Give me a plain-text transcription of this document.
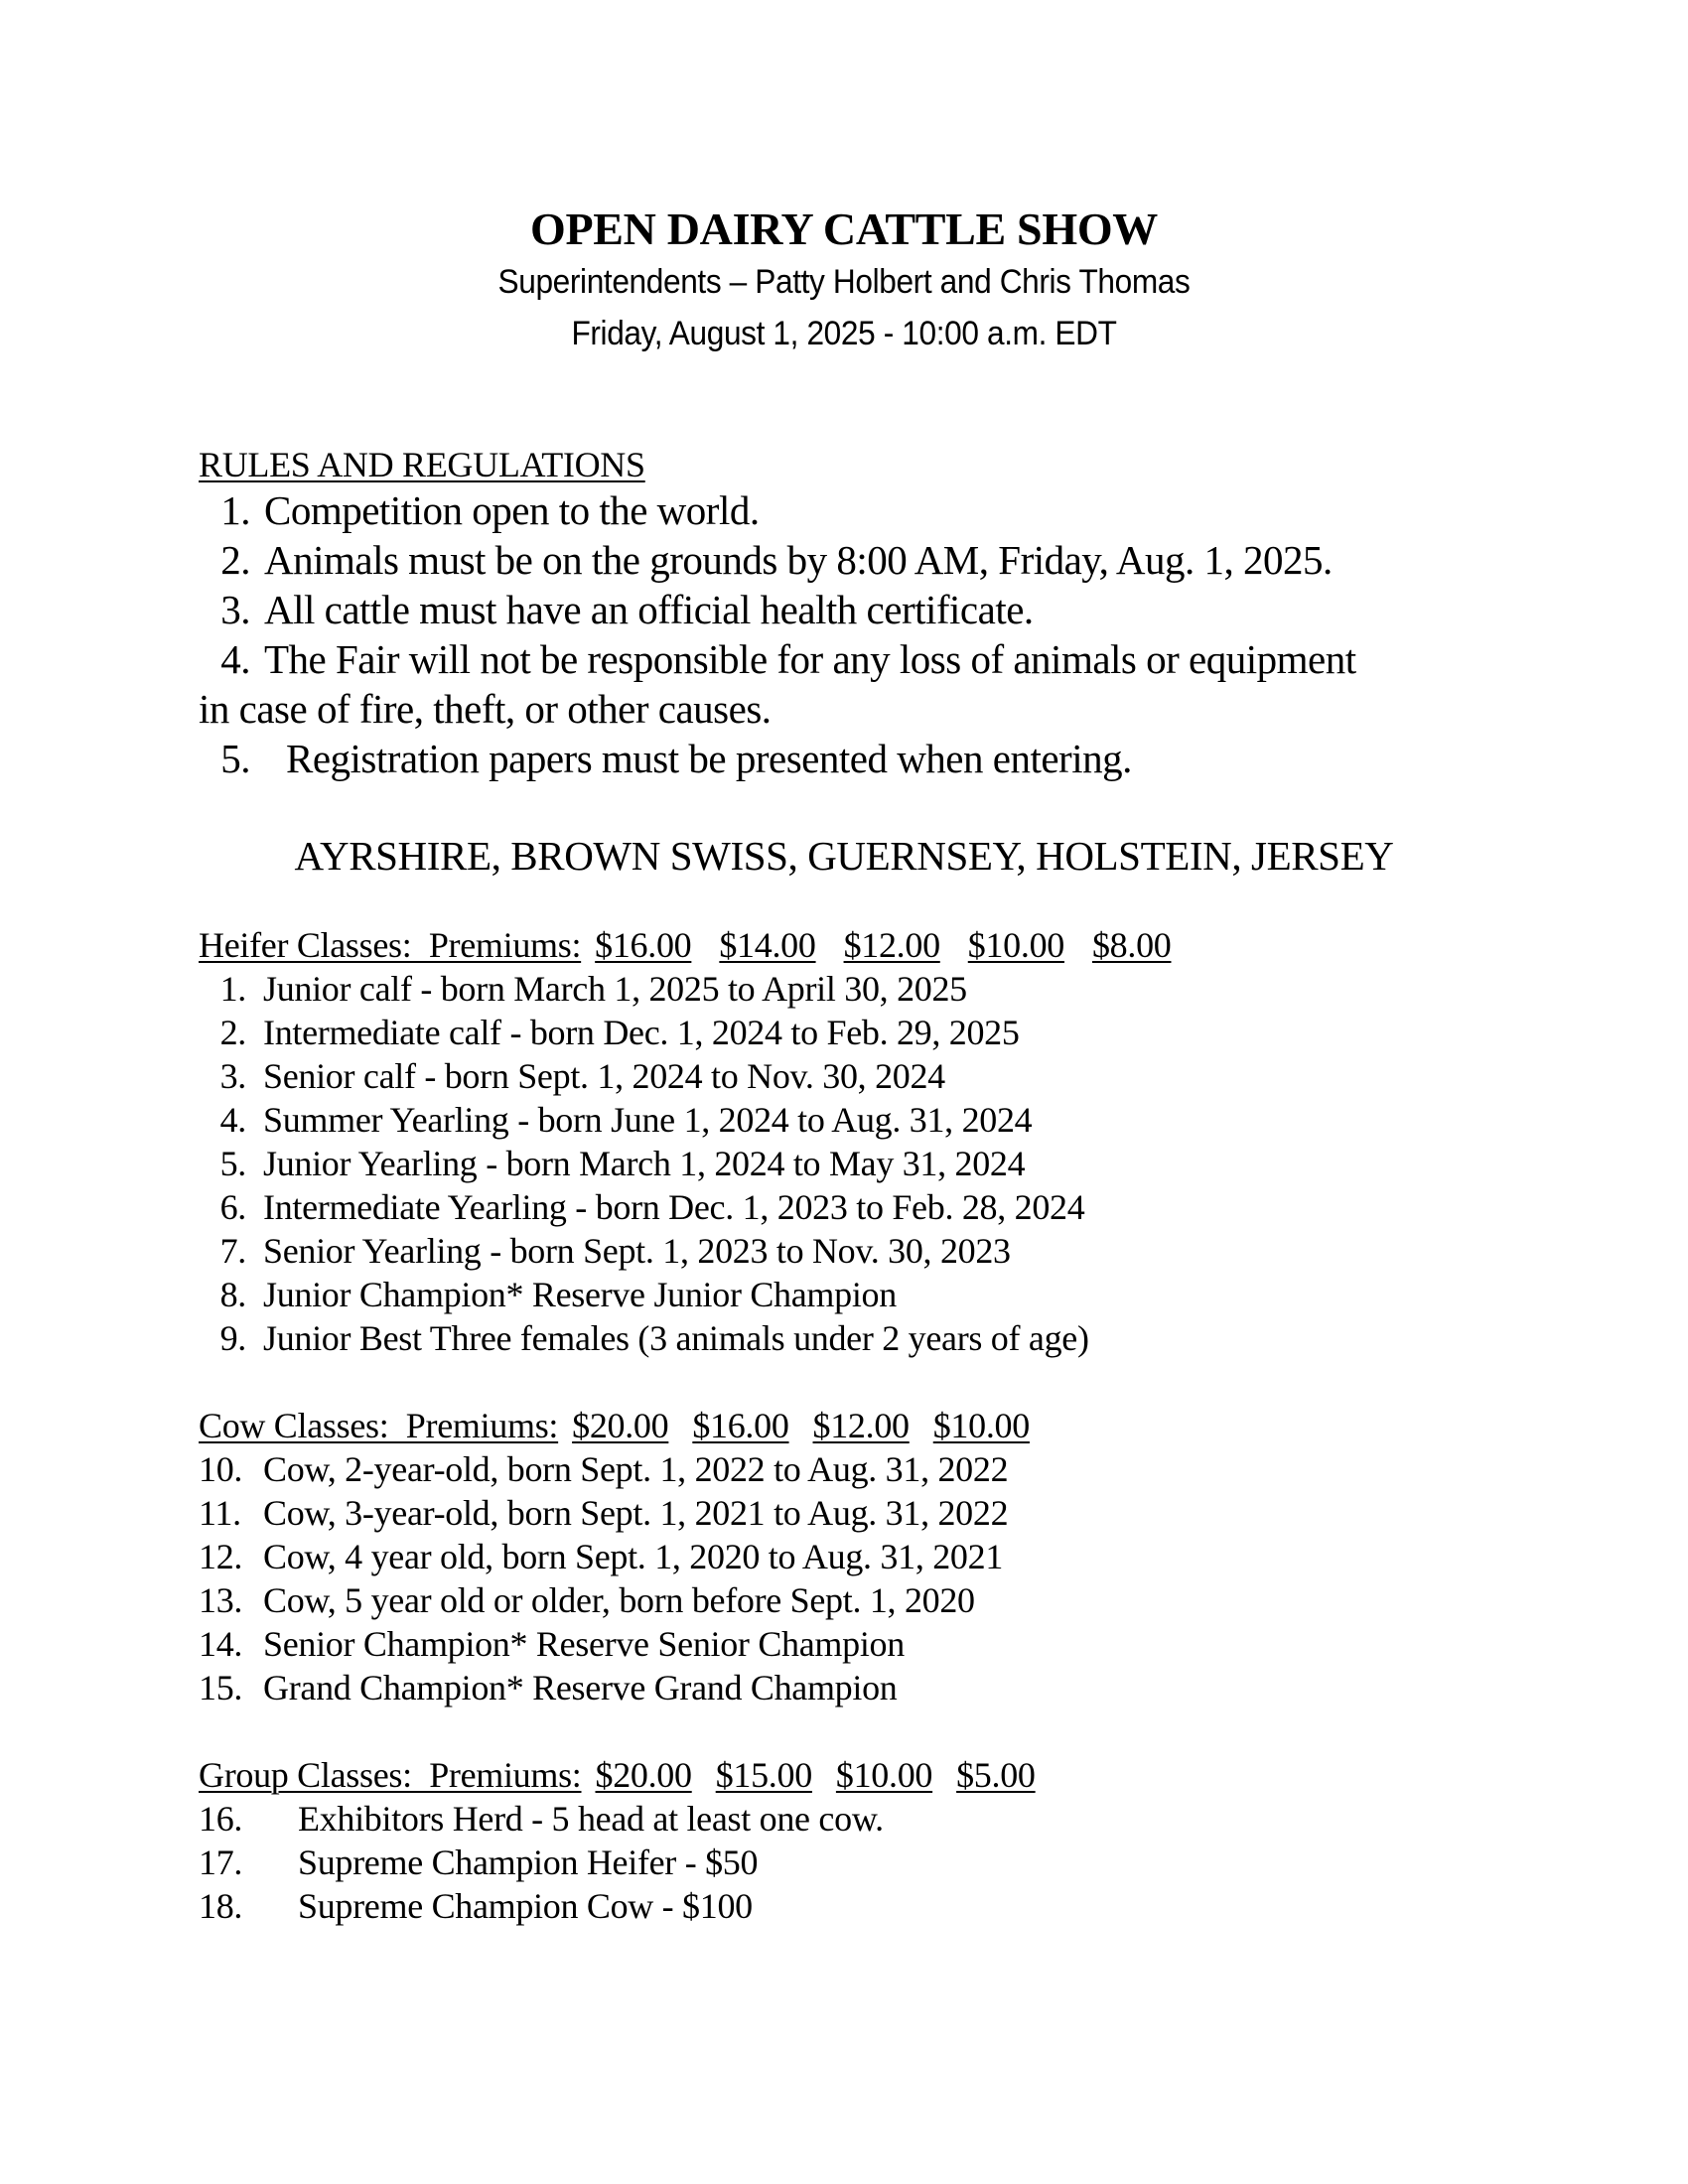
OPEN DAIRY CATTLE SHOW
Superintendents – Patty Holbert and Chris Thomas
Friday, August 1, 2025 - 10:00 a.m. EDT
RULES AND REGULATIONS
1. Competition open to the world.
2. Animals must be on the grounds by 8:00 AM, Friday, Aug. 1, 2025.
3. All cattle must have an official health certificate.
4. The Fair will not be responsible for any loss of animals or equipment
in case of fire, theft, or other causes.
5. Registration papers must be presented when entering.
AYRSHIRE, BROWN SWISS, GUERNSEY, HOLSTEIN, JERSEY
Heifer Classes:  Premiums: $16.00 $14.00 $12.00 $10.00 $8.00
1. Junior calf - born March 1, 2025 to April 30, 2025
2. Intermediate calf - born Dec. 1, 2024 to Feb. 29, 2025
3. Senior calf - born Sept. 1, 2024 to Nov. 30, 2024
4. Summer Yearling - born June 1, 2024 to Aug. 31, 2024
5. Junior Yearling - born March 1, 2024 to May 31, 2024
6. Intermediate Yearling - born Dec. 1, 2023 to Feb. 28, 2024
7. Senior Yearling - born Sept. 1, 2023 to Nov. 30, 2023
8. Junior Champion* Reserve Junior Champion
9. Junior Best Three females (3 animals under 2 years of age)
Cow Classes:  Premiums: $20.00 $16.00 $12.00 $10.00
10. Cow, 2-year-old, born Sept. 1, 2022 to Aug. 31, 2022
11. Cow, 3-year-old, born Sept. 1, 2021 to Aug. 31, 2022
12. Cow, 4 year old, born Sept. 1, 2020 to Aug. 31, 2021
13. Cow, 5 year old or older, born before Sept. 1, 2020
14. Senior Champion* Reserve Senior Champion
15. Grand Champion* Reserve Grand Champion
Group Classes:  Premiums: $20.00 $15.00 $10.00 $5.00
16. Exhibitors Herd - 5 head at least one cow.
17. Supreme Champion Heifer - $50
18. Supreme Champion Cow - $100
